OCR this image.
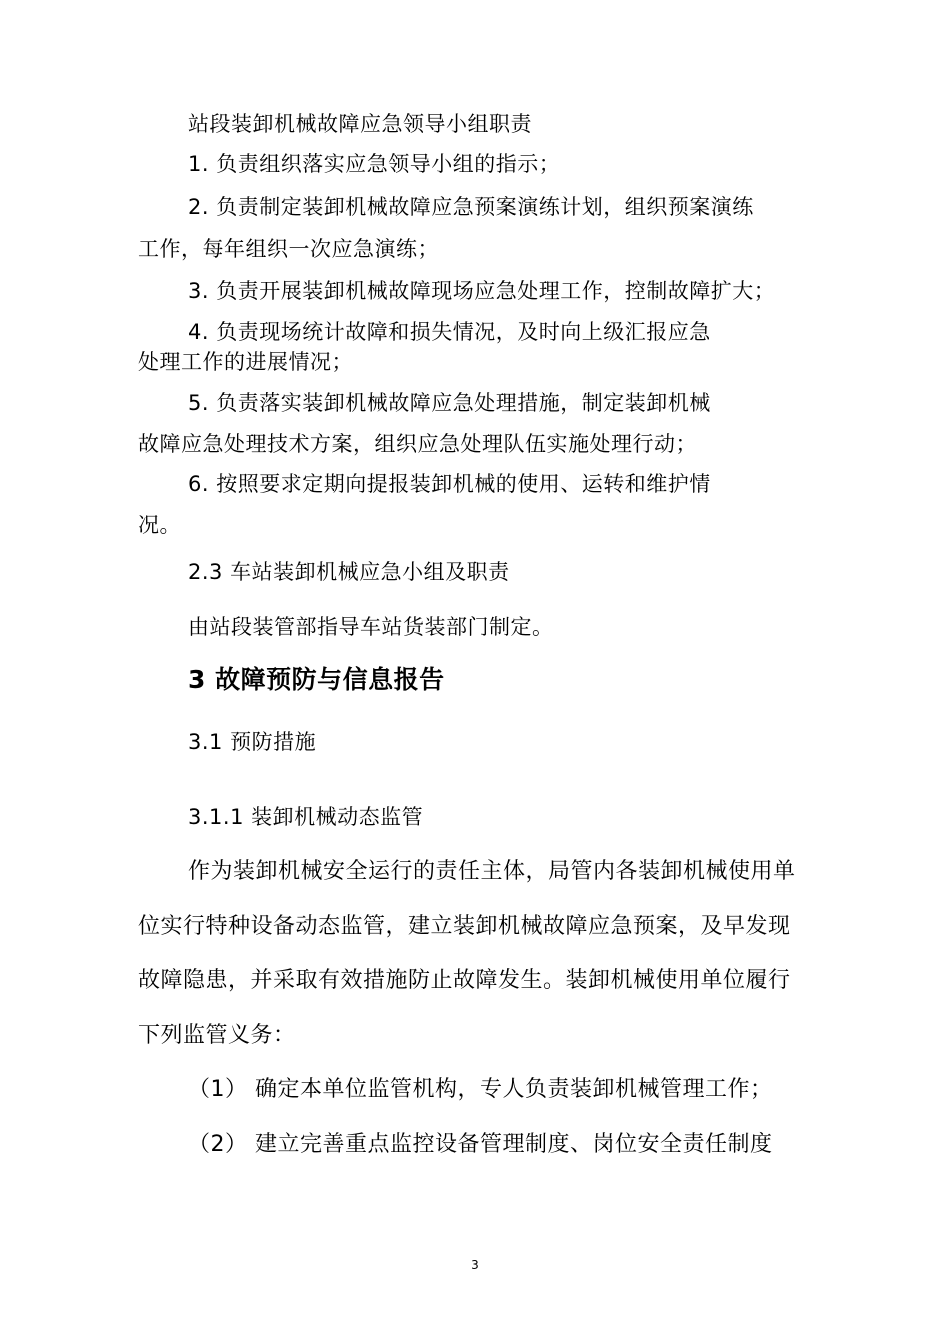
站段装卸机械故障应急领导小组职责
1. 负责组织落实应急领导小组的指示；
2. 负责制定装卸机械故障应急预案演练计划，组织预案演练
工作，每年组织一次应急演练；
3. 负责开展装卸机械故障现场应急处理工作，控制故障扩大；
4. 负责现场统计故障和损失情况，及时向上级汇报应急
处理工作的进展情况；
5. 负责落实装卸机械故障应急处理措施，制定装卸机械
故障应急处理技术方案，组织应急处理队伍实施处理行动；
6. 按照要求定期向提报装卸机械的使用、运转和维护情
况。
2.3 车站装卸机械应急小组及职责
由站段装管部指导车站货装部门制定。
3 故障预防与信息报告
3.1 预防措施
3.1.1 装卸机械动态监管
作为装卸机械安全运行的责任主体，局管内各装卸机械使用单
位实行特种设备动态监管，建立装卸机械故障应急预案，及早发现
故障隐患，并采取有效措施防止故障发生。装卸机械使用单位履行
下列监管义务：
（1） 确定本单位监管机构，专人负责装卸机械管理工作；
（2） 建立完善重点监控设备管理制度、岗位安全责任制度
3
